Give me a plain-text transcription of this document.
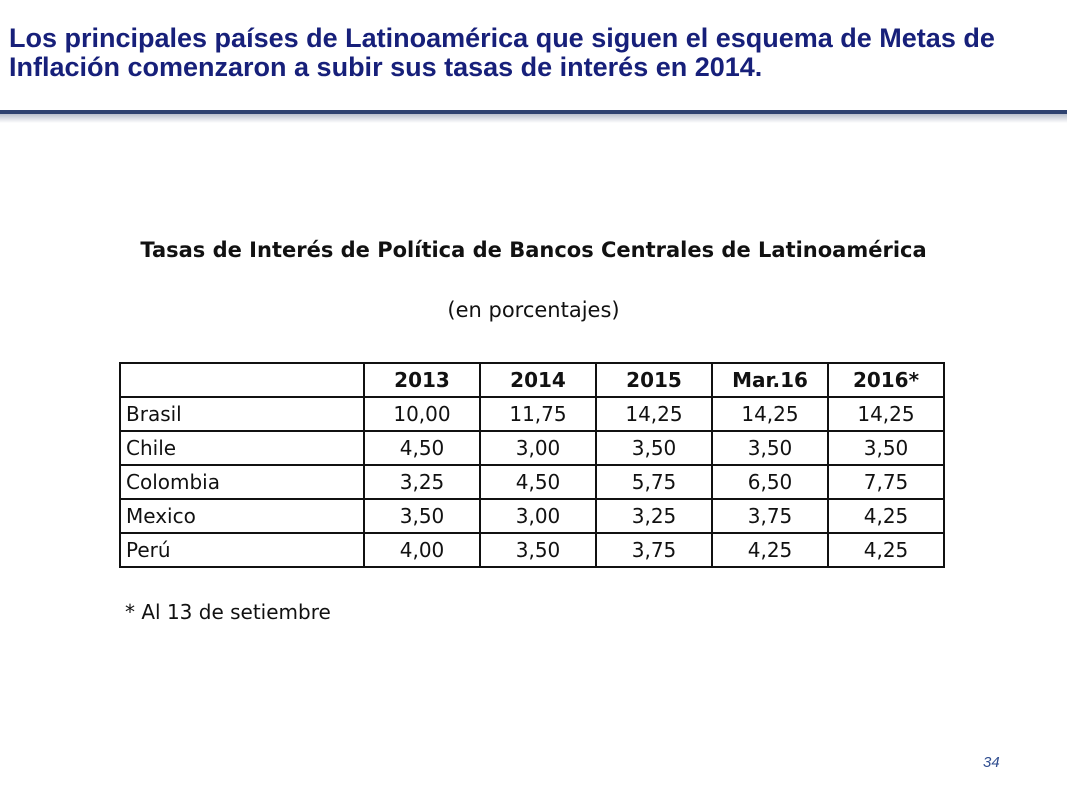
Los principales países de Latinoamérica que siguen el esquema de Metas de Inflación comenzaron a subir sus tasas de interés en 2014.
Tasas de Interés de Política de Bancos Centrales de Latinoamérica
(en porcentajes)
	2013	2014	2015	Mar.16	2016*
Brasil	10,00	11,75	14,25	14,25	14,25
Chile	4,50	3,00	3,50	3,50	3,50
Colombia	3,25	4,50	5,75	6,50	7,75
Mexico	3,50	3,00	3,25	3,75	4,25
Perú	4,00	3,50	3,75	4,25	4,25
* Al 13 de setiembre
34
